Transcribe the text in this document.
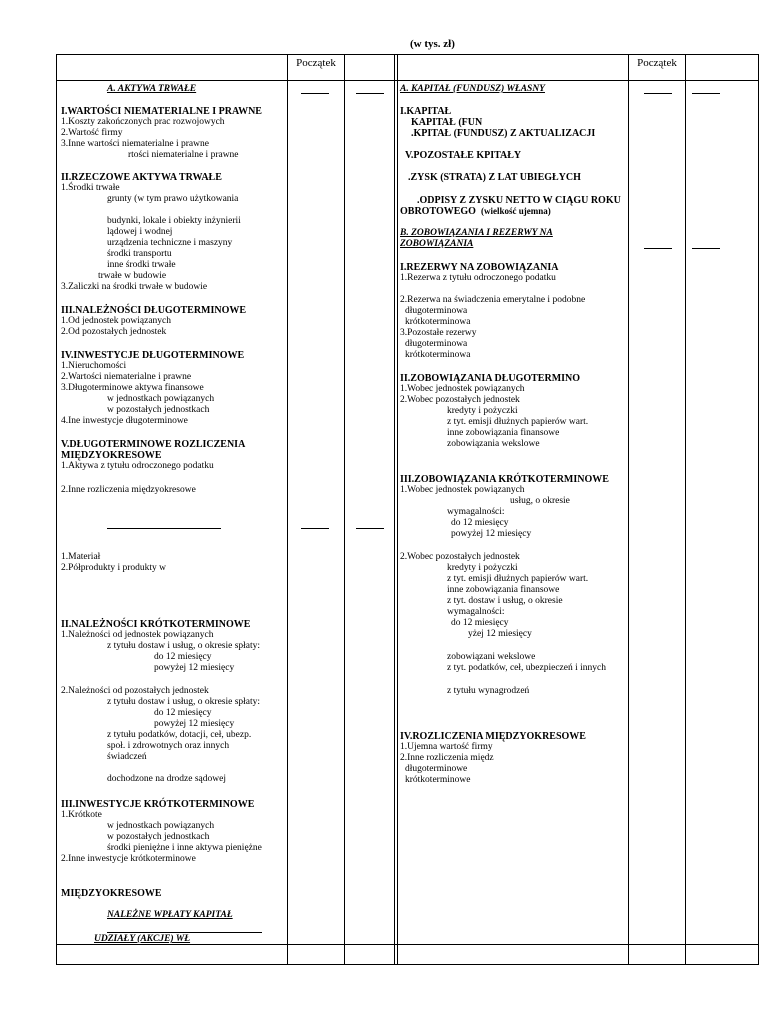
(w tys. zł)
Początek	Początek
A. AKTYWA TRWAŁE
I.WARTOŚCI NIEMATERIALNE I PRAWNE
1.Koszty zakończonych prac rozwojowych
2.Wartość firmy
3.Inne wartości niematerialne i prawne
rtości niematerialne i prawne
II.RZECZOWE AKTYWA TRWAŁE
1.Środki trwałe
grunty (w tym prawo użytkowania
budynki, lokale i obiekty inżynierii
lądowej i wodnej
urządzenia techniczne i maszyny
środki transportu
inne środki trwałe
trwałe w budowie
3.Zaliczki na środki trwałe w budowie
III.NALEŻNOŚCI DŁUGOTERMINOWE
1.Od jednostek powiązanych
2.Od pozostałych jednostek
IV.INWESTYCJE DŁUGOTERMINOWE
1.Nieruchomości
2.Wartości niematerialne i prawne
3.Długoterminowe aktywa finansowe
w jednostkach powiązanych
w pozostałych jednostkach
4.Ine inwestycje długoterminowe
V.DŁUGOTERMINOWE ROZLICZENIA
MIĘDZYOKRESOWE
1.Aktywa z tytułu odroczonego podatku
2.Inne rozliczenia międzyokresowe
1.Materiał
2.Półprodukty i produkty w
II.NALEŻNOŚCI KRÓTKOTERMINOWE
1.Należności od jednostek powiązanych
z tytułu dostaw i usług, o okresie spłaty:
do 12 miesięcy
powyżej 12 miesięcy
2.Należności od pozostałych jednostek
z tytułu dostaw i usług, o okresie spłaty:
do 12 miesięcy
powyżej 12 miesięcy
z tytułu podatków, dotacji, ceł, ubezp.
społ. i zdrowotnych oraz innych
świadczeń
dochodzone na drodze sądowej
III.INWESTYCJE KRÓTKOTERMINOWE
1.Krótkote
w jednostkach powiązanych
w pozostałych jednostkach
środki pieniężne i inne aktywa pieniężne
2.Inne inwestycje krótkoterminowe
MIĘDZYOKRESOWE
NALEŻNE WPŁATY KAPITAŁ
UDZIAŁY (AKCJE) WŁ
A. KAPITAŁ (FUNDUSZ) WŁASNY
I.KAPITAŁ
KAPITAŁ (FUN
.KPITAŁ (FUNDUSZ) Z AKTUALIZACJI
V.POZOSTAŁE KPITAŁY
.ZYSK (STRATA) Z LAT UBIEGŁYCH
.ODPISY Z ZYSKU NETTO W CIĄGU ROKU
OBROTOWEGO (wielkość ujemna)
B. ZOBOWIĄZANIA I REZERWY NA
ZOBOWIĄZANIA
I.REZERWY NA ZOBOWIĄZANIA
1.Rezerwa z tytułu odroczonego podatku
2.Rezerwa na świadczenia emerytalne i podobne
długoterminowa
krótkoterminowa
3.Pozostałe rezerwy
długoterminowa
krótkoterminowa
II.ZOBOWIĄZANIA DŁUGOTERMINO
1.Wobec jednostek powiązanych
2.Wobec pozostałych jednostek
kredyty i pożyczki
z tyt. emisji dłużnych papierów wart.
inne zobowiązania finansowe
zobowiązania wekslowe
III.ZOBOWIĄZANIA KRÓTKOTERMINOWE
1.Wobec jednostek powiązanych
usług, o okresie
wymagalności:
do 12 miesięcy
powyżej 12 miesięcy
2.Wobec pozostałych jednostek
kredyty i pożyczki
z tyt. emisji dłużnych papierów wart.
inne zobowiązania finansowe
z tyt. dostaw i usług, o okresie
wymagalności:
do 12 miesięcy
yżej 12 miesięcy
zobowiązani wekslowe
z tyt. podatków, ceł, ubezpieczeń i innych
z tytułu wynagrodzeń
IV.ROZLICZENIA MIĘDZYOKRESOWE
1.Ujemna wartość firmy
2.Inne rozliczenia międz
długoterminowe
krótkoterminowe
